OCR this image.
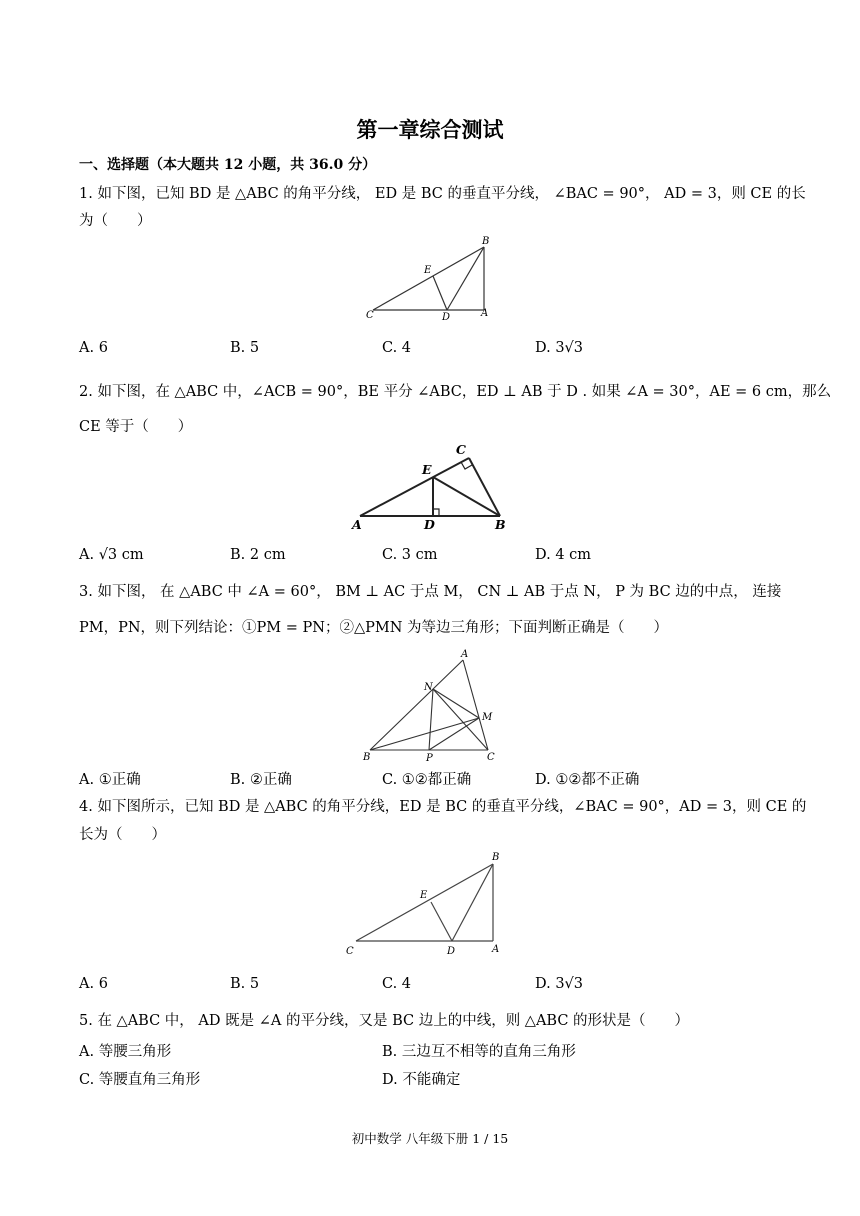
第一章综合测试
一、选择题（本大题共 12 小题，共 36.0 分）
1. 如下图，已知 BD 是 △ABC 的角平分线， ED 是 BC 的垂直平分线， ∠BAC = 90°， AD = 3，则 CE 的长
为（　　）
B
E
C	D	A
A. 6	B. 5	C. 4	D. 3√3
2. 如下图，在 △ABC 中，∠ACB = 90°，BE 平分 ∠ABC，ED ⊥ AB 于 D . 如果 ∠A = 30°，AE = 6 cm，那么
CE 等于（　　）
C
E
A	D	B
A. √3 cm	B. 2 cm	C. 3 cm	D. 4 cm
3. 如下图， 在 △ABC 中 ∠A = 60°， BM ⊥ AC 于点 M， CN ⊥ AB 于点 N， P 为 BC 边的中点， 连接
PM，PN，则下列结论：①PM = PN；②△PMN 为等边三角形；下面判断正确是（　　）
A
N
M
B	P	C
A. ①正确	B. ②正确	C. ①②都正确	D. ①②都不正确
4. 如下图所示，已知 BD 是 △ABC 的角平分线，ED 是 BC 的垂直平分线，∠BAC = 90°，AD = 3，则 CE 的
长为（　　）
B
E
C	D	A
A. 6	B. 5	C. 4	D. 3√3
5. 在 △ABC 中， AD 既是 ∠A 的平分线，又是 BC 边上的中线，则 △ABC 的形状是（　　）
A. 等腰三角形	B. 三边互不相等的直角三角形
C. 等腰直角三角形	D. 不能确定
初中数学 八年级下册 1 / 15
